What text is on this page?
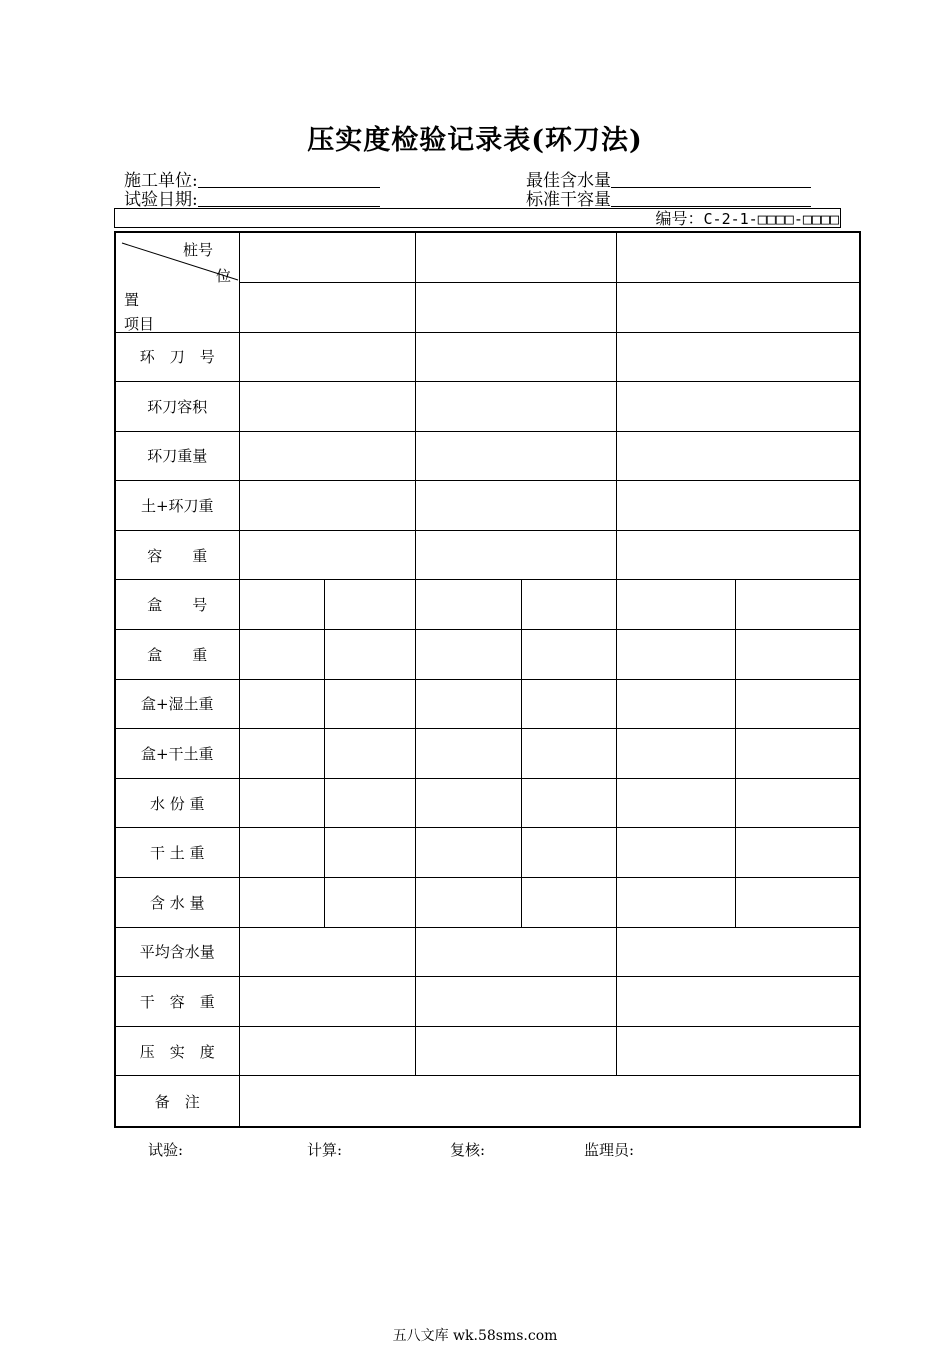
压实度检验记录表(环刀法)
施工单位:
试验日期:
最佳含水量
标准干容量
编号：C-2-1-□□□□-□□□□
桩号
位
置
项目						

环　刀　号						
环刀容积						
环刀重量						
土+环刀重						
容　　重						
盒　　号						
盒　　重						
盒+湿土重						
盒+干土重						
水 份 重						
干 土 重						
含 水 量						
平均含水量						
干　容　重						
压　实　度						
备　注						
试验:	计算:	复核:	监理员:
五八文库 wk.58sms.com
